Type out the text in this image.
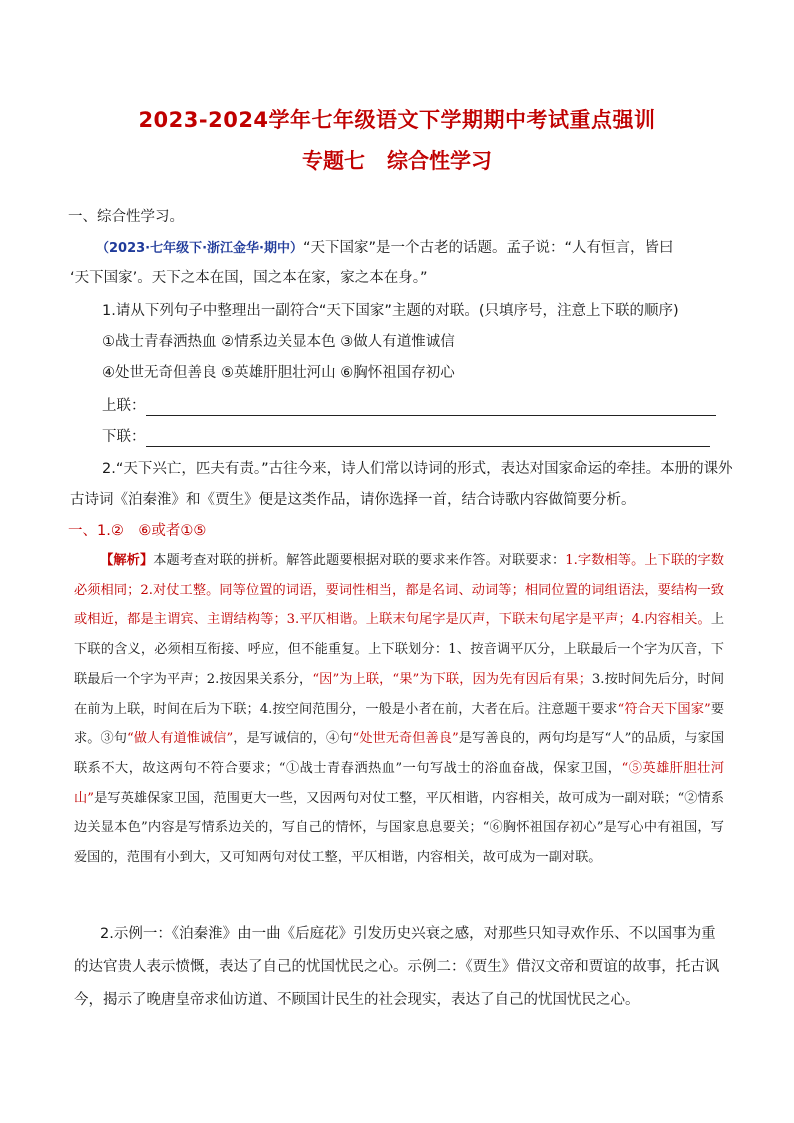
2023-2024学年七年级语文下学期期中考试重点强训
专题七 综合性学习
一、综合性学习。
（2023·七年级下·浙江金华·期中）“天下国家”是一个古老的话题。孟子说：“人有恒言，皆曰
‘天下国家’。天下之本在国，国之本在家，家之本在身。”
1.请从下列句子中整理出一副符合“天下国家”主题的对联。(只填序号，注意上下联的顺序)
①战士青春洒热血 ②情系边关显本色 ③做人有道惟诚信
④处世无奇但善良 ⑤英雄肝胆壮河山 ⑥胸怀祖国存初心
上联：
下联：
2.“天下兴亡，匹夫有责。”古往今来，诗人们常以诗词的形式，表达对国家命运的牵挂。本册的课外
古诗词《泊秦淮》和《贾生》便是这类作品，请你选择一首，结合诗歌内容做简要分析。
一、1.②　⑥或者①⑤
【解析】本题考查对联的拼析。解答此题要根据对联的要求来作答。对联要求：1.字数相等。上下联的字数必须相同；2.对仗工整。同等位置的词语，要词性相当，都是名词、动词等；相同位置的词组语法，要结构一致或相近，都是主谓宾、主谓结构等；3.平仄相谐。上联末句尾字是仄声，下联末句尾字是平声；4.内容相关。上下联的含义，必须相互衔接、呼应，但不能重复。上下联划分：1、按音调平仄分，上联最后一个字为仄音，下联最后一个字为平声；2.按因果关系分，“因”为上联，“果”为下联，因为先有因后有果；3.按时间先后分，时间在前为上联，时间在后为下联；4.按空间范围分，一般是小者在前，大者在后。注意题干要求“符合天下国家”要求。③句“做人有道惟诚信”，是写诚信的，④句“处世无奇但善良”是写善良的，两句均是写“人”的品质，与家国联系不大，故这两句不符合要求；“①战士青春洒热血”一句写战士的浴血奋战，保家卫国，“⑤英雄肝胆壮河山”是写英雄保家卫国，范围更大一些，又因两句对仗工整，平仄相谐，内容相关，故可成为一副对联；“②情系边关显本色”内容是写情系边关的，写自己的情怀，与国家息息要关；“⑥胸怀祖国存初心”是写心中有祖国，写爱国的，范围有小到大，又可知两句对仗工整，平仄相谐，内容相关，故可成为一副对联。
2.示例一：《泊秦淮》由一曲《后庭花》引发历史兴衰之感，对那些只知寻欢作乐、不以国事为重的达官贵人表示愤慨，表达了自己的忧国忧民之心。示例二：《贾生》借汉文帝和贾谊的故事，托古讽今，揭示了晚唐皇帝求仙访道、不顾国计民生的社会现实，表达了自己的忧国忧民之心。
